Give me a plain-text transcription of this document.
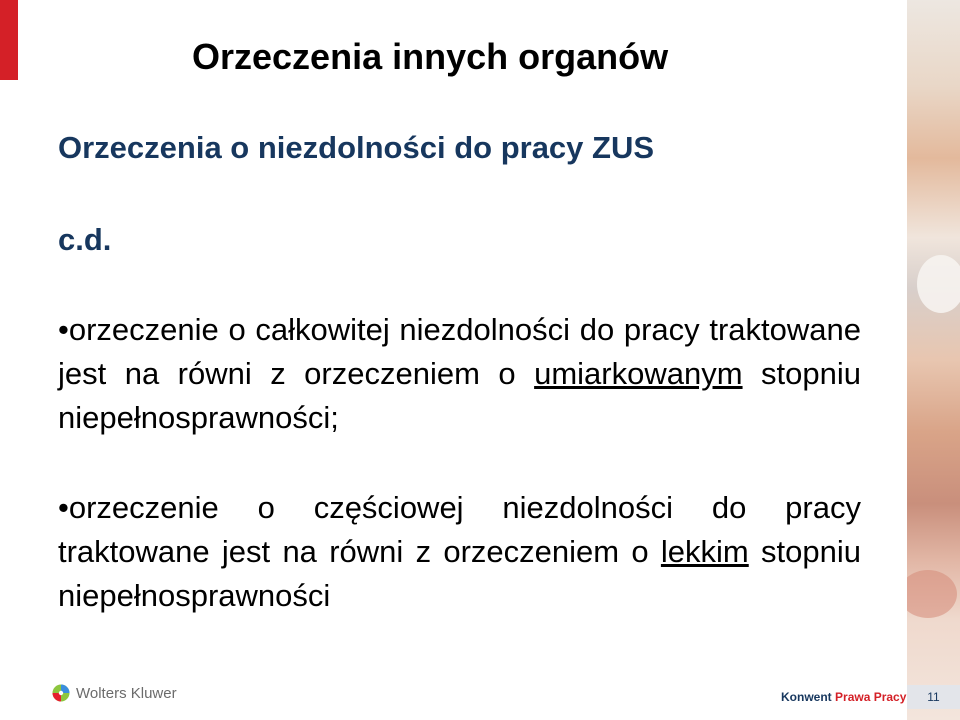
Orzeczenia innych organów
Orzeczenia o niezdolności do pracy ZUS
c.d.
•orzeczenie o całkowitej niezdolności do pracy traktowane jest na równi z orzeczeniem o umiarkowanym stopniu niepełnosprawności;
•orzeczenie o częściowej niezdolności do pracy traktowane jest na równi z orzeczeniem o lekkim stopniu niepełnosprawności
Wolters Kluwer	Konwent Prawa Pracy	11
